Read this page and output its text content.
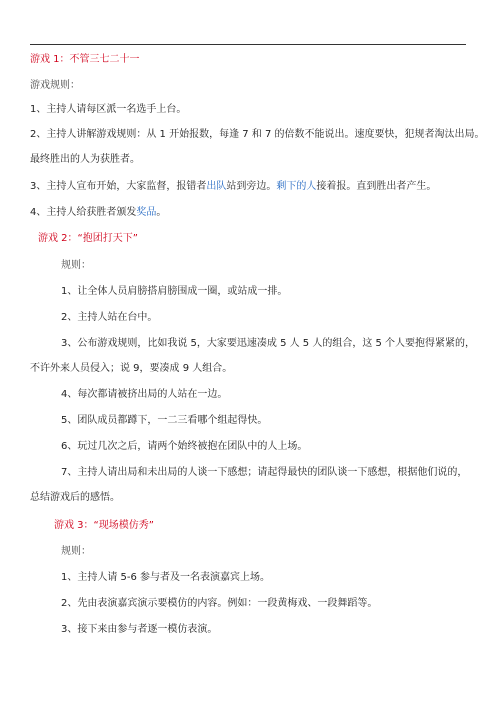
游戏 1：不管三七二十一

游戏规则：

1、主持人请每区派一名选手上台。

2、主持人讲解游戏规则：从 1 开始报数，每逢 7 和 7 的倍数不能说出。速度要快，犯规者淘汰出局。

最终胜出的人为获胜者。

3、主持人宣布开始，大家监督，报错者出队站到旁边。剩下的人接着报。直到胜出者产生。

4、主持人给获胜者颁发奖品。

游戏 2：“抱团打天下”

规则：

1、让全体人员肩膀搭肩膀围成一圈，或站成一排。

2、主持人站在台中。

3、公布游戏规则，比如我说 5，大家要迅速凑成 5 人 5 人的组合，这 5 个人要抱得紧紧的，

不许外来人员侵入；说 9，要凑成 9 人组合。

4、每次都请被挤出局的人站在一边。

5、团队成员都蹲下，一二三看哪个组起得快。

6、玩过几次之后，请两个始终被抱在团队中的人上场。

7、主持人请出局和未出局的人谈一下感想；请起得最快的团队谈一下感想，根据他们说的，

总结游戏后的感悟。

游戏 3：“现场模仿秀”

规则：

1、主持人请 5-6 参与者及一名表演嘉宾上场。

2、先由表演嘉宾演示要模仿的内容。例如：一段黄梅戏、一段舞蹈等。

3、接下来由参与者逐一模仿表演。
